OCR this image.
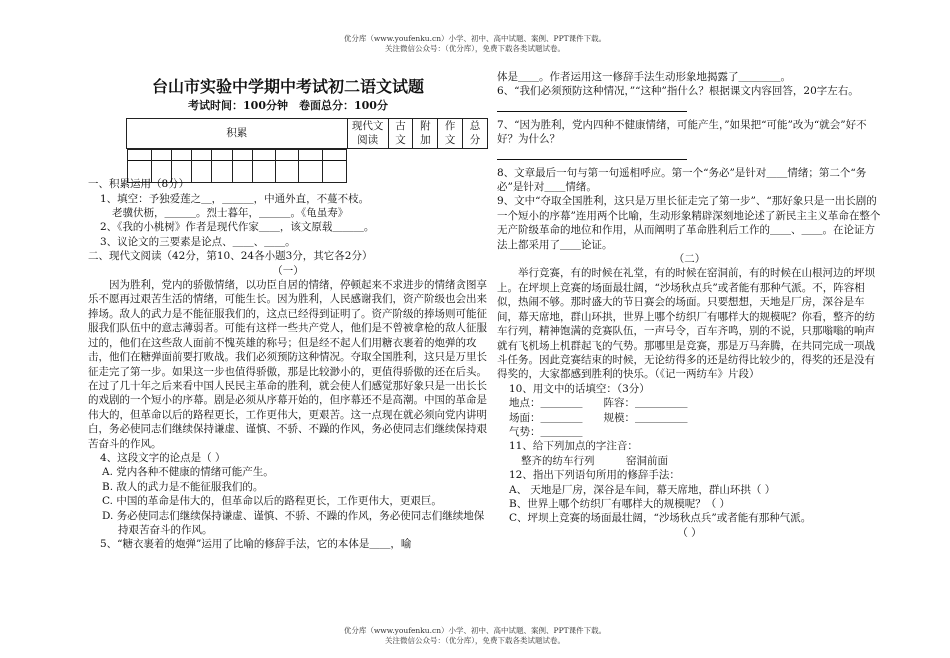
优分库（www.youfenku.cn）小学、初中、高中试题、案例、PPT课件下载。
关注微信公众号：（优分库），免费下载各类试题试卷。
台山市实验中学期中考试初二语文试题
考试时间：100分钟　卷面总分：100分
积累	现代文阅读	古文	附加	作文	总分

一、积累运用（8分）

1、填空：予独爱莲之＿，＿＿＿，中通外直，不蔓不枝。

老骥伏枥，＿＿＿。烈士暮年，＿＿＿。《龟虽寿》

2、《我的小桃树》作者是现代作家＿＿，该文原载＿＿＿。

3、议论文的三要素是论点、＿＿、＿＿。

二、现代文阅读（42分，第10、24各小题3分，其它各2分）

（一）

因为胜利，党内的骄傲情绪，以功臣自居的情绪，停顿起来不求进步的情绪贪图享乐不愿再过艰苦生活的情绪，可能生长。因为胜利，人民感谢我们，资产阶级也会出来捧场。敌人的武力是不能征服我们的，这点已经得到证明了。资产阶级的捧场则可能征服我们队伍中的意志薄弱者。可能有这样一些共产党人，他们是不曾被拿枪的敌人征服过的，他们在这些敌人面前不愧英雄的称号；但是经不起人们用糖衣裹着的炮弹的攻击，他们在糖弹面前要打败战。我们必须预防这种情况。夺取全国胜利，这只是万里长征走完了第一步。如果这一步也值得骄傲，那是比较渺小的，更值得骄傲的还在后头。在过了几十年之后来看中国人民民主革命的胜利，就会使人们感觉那好象只是一出长长的戏剧的一个短小的序幕。剧是必须从序幕开始的，但序幕还不是高潮。中国的革命是伟大的，但革命以后的路程更长，工作更伟大，更艰苦。这一点现在就必须向党内讲明白，务必使同志们继续保持谦虚、谨慎、不骄、不躁的作风，务必使同志们继续保持艰苦奋斗的作风。

4、这段文字的论点是（ ）

A. 党内各种不健康的情绪可能产生。

B. 敌人的武力是不能征服我们的。

C. 中国的革命是伟大的，但革命以后的路程更长，工作更伟大，更艰巨。

D. 务必使同志们继续保持谦虚、谨慎、不骄、不躁的作风，务必使同志们继续地保持艰苦奋斗的作风。

5、“糖衣裹着的炮弹”运用了比喻的修辞手法，它的本体是＿＿，喻

体是＿＿。作者运用这一修辞手法生动形象地揭露了＿＿＿＿。

6、“我们必须预防这种情况，”“这种”指什么？根据课文内容回答，20字左右。

7、“因为胜利，党内四种不健康情绪，可能产生，”如果把“可能”改为“就会”好不好？为什么？

8、文章最后一句与第一句遥相呼应。第一个“务必”是针对＿＿情绪；第二个“务必”是针对＿＿情绪。

9、文中“夺取全国胜利，这只是万里长征走完了第一步”、“那好象只是一出长剧的一个短小的序幕”连用两个比喻，生动形象精辟深刻地论述了新民主主义革命在整个无产阶级革命的地位和作用，从而阐明了革命胜利后工作的＿＿、＿＿。在论证方法上都采用了＿＿论证。

（二）

举行竞赛，有的时候在礼堂，有的时候在窑洞前，有的时候在山根河边的坪坝上。在坪坝上竞赛的场面最壮阔，“沙场秋点兵”或者能有那种气派。不，阵容相似，热闹不够。那时盛大的节日赛会的场面。只要想想，天地是厂房，深谷是车间，幕天席地，群山环拱，世界上哪个纺织厂有哪样大的规模呢？你看，整齐的纺车行列，精神饱满的竞赛队伍，一声号令，百车齐鸣，别的不说，只那嗡嗡的响声就有飞机场上机群起飞的气势。那哪里是竞赛，那是万马奔腾，在共同完成一项战斗任务。因此竞赛结束的时候，无论纺得多的还是纺得比较少的，得奖的还是没有得奖的，大家都感到胜利的快乐。（《记一两纺车》片段）

10、用文中的话填空：（3分）

地点：＿＿＿＿　　阵容：＿＿＿＿＿

场面：＿＿＿＿　　规模：＿＿＿＿＿

气势：＿＿＿＿

11、给下列加点的字注音：

整齐的纺车行列　　　窑洞前面

12、指出下列语句所用的修辞手法：

A、 天地是厂房，深谷是车间，幕天席地，群山环拱（ ）

B、世界上哪个纺织厂有哪样大的规模呢？（ ）

C、坪坝上竞赛的场面最壮阔，“沙场秋点兵”或者能有那种气派。

（ ）

优分库（www.youfenku.cn）小学、初中、高中试题、案例、PPT课件下载。
关注微信公众号：（优分库），免费下载各类试题试卷。
